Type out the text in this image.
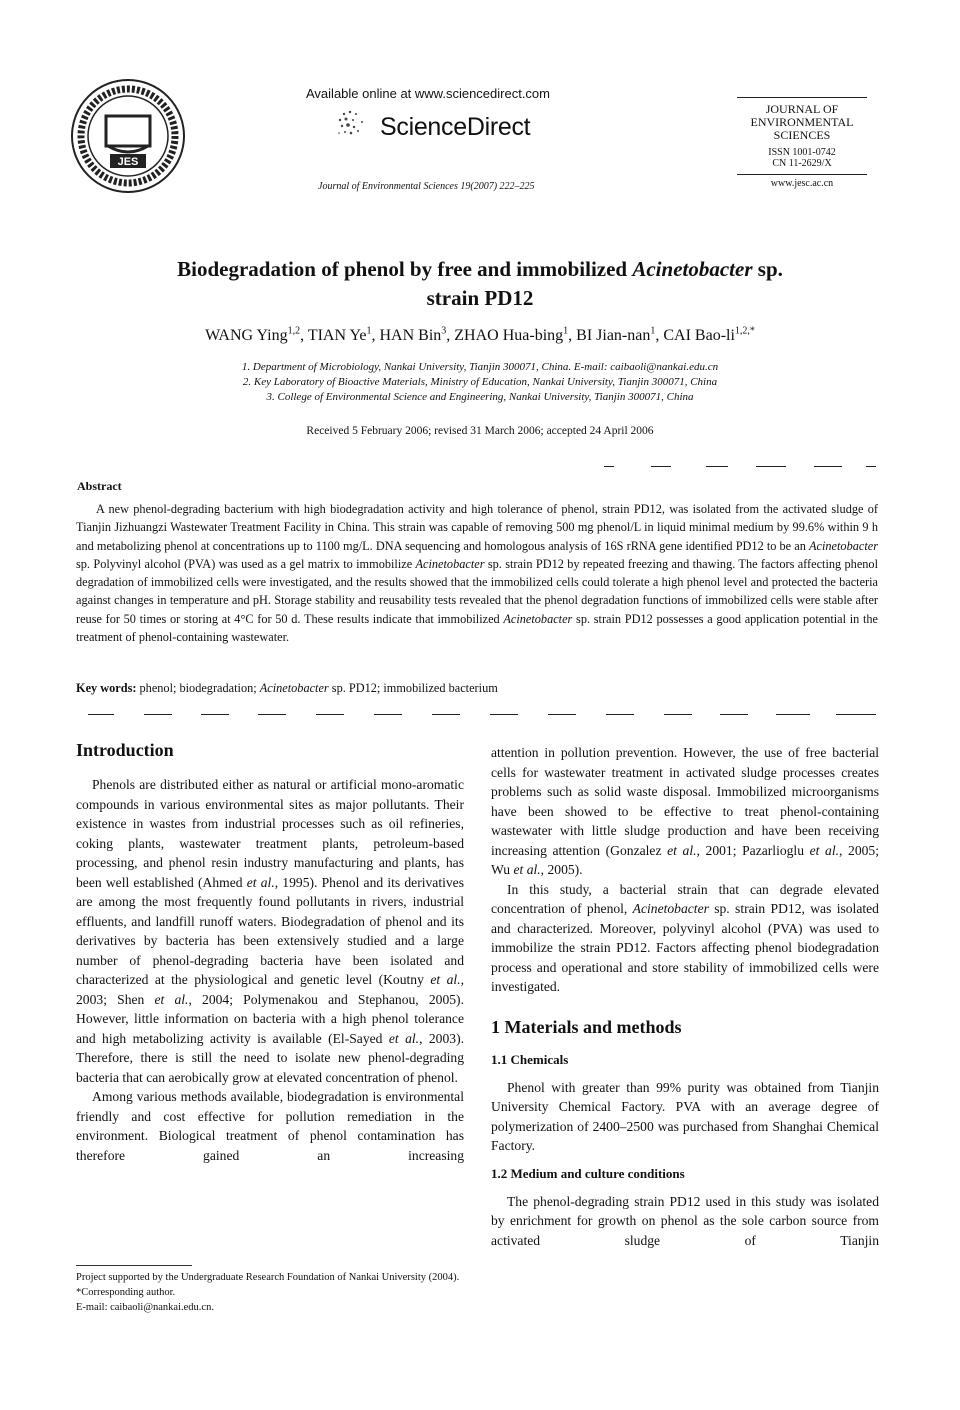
JES
Available online at www.sciencedirect.com
ScienceDirect
Journal of Environmental Sciences 19(2007) 222–225
JOURNAL OF
ENVIRONMENTAL
SCIENCES
ISSN 1001-0742
CN 11-2629/X
www.jesc.ac.cn
Biodegradation of phenol by free and immobilized Acinetobacter sp.
strain PD12
WANG Ying$^{1,2}$, TIAN Ye$^1$, HAN Bin$^3$, ZHAO Hua-bing$^1$, BI Jian-nan$^1$, CAI Bao-$li^{1,2,*}$
1. Department of Microbiology, Nankai University, Tianjin 300071, China. E-mail: caibaoli@nankai.edu.cn
2. Key Laboratory of Bioactive Materials, Ministry of Education, Nankai University, Tianjin 300071, China
3. College of Environmental Science and Engineering, Nankai University, Tianjin 300071, China
Received 5 February 2006; revised 31 March 2006; accepted 24 April 2006
Abstract

A new phenol-degrading bacterium with high biodegradation activity and high tolerance of phenol, strain PD12, was isolated from the activated sludge of Tianjin Jizhuangzi Wastewater Treatment Facility in China. This strain was capable of removing 500 mg phenol/L in liquid minimal medium by 99.6% within 9 h and metabolizing phenol at concentrations up to 1100 mg/L. DNA sequencing and homologous analysis of 16S rRNA gene identified PD12 to be an Acinetobacter sp. Polyvinyl alcohol (PVA) was used as a gel matrix to immobilize Acinetobacter sp. strain PD12 by repeated freezing and thawing. The factors affecting phenol degradation of immobilized cells were investigated, and the results showed that the immobilized cells could tolerate a high phenol level and protected the bacteria against changes in temperature and pH. Storage stability and reusability tests revealed that the phenol degradation functions of immobilized cells were stable after reuse for 50 times or storing at 4°C for 50 d. These results indicate that immobilized Acinetobacter sp. strain PD12 possesses a good application potential in the treatment of phenol-containing wastewater.

Key words: phenol; biodegradation; Acinetobacter sp. PD12; immobilized bacterium
Introduction

Phenols are distributed either as natural or artificial mono-aromatic compounds in various environmental sites as major pollutants. Their existence in wastes from industrial processes such as oil refineries, coking plants, wastewater treatment plants, petroleum-based processing, and phenol resin industry manufacturing and plants, has been well established (Ahmed et al., 1995). Phenol and its derivatives are among the most frequently found pollutants in rivers, industrial effluents, and landfill runoff waters. Biodegradation of phenol and its derivatives by bacteria has been extensively studied and a large number of phenol-degrading bacteria have been isolated and characterized at the physiological and genetic level (Koutny et al., 2003; Shen et al., 2004; Polymenakou and Stephanou, 2005). However, little information on bacteria with a high phenol tolerance and high metabolizing activity is available (El-Sayed et al., 2003). Therefore, there is still the need to isolate new phenol-degrading bacteria that can aerobically grow at elevated concentration of phenol.

Among various methods available, biodegradation is environmental friendly and cost effective for pollution remediation in the environment. Biological treatment of phenol contamination has therefore gained an increasing

attention in pollution prevention. However, the use of free bacterial cells for wastewater treatment in activated sludge processes creates problems such as solid waste disposal. Immobilized microorganisms have been showed to be effective to treat phenol-containing wastewater with little sludge production and have been receiving increasing attention (Gonzalez et al., 2001; Pazarlioglu et al., 2005; Wu et al., 2005).

In this study, a bacterial strain that can degrade elevated concentration of phenol, Acinetobacter sp. strain PD12, was isolated and characterized. Moreover, polyvinyl alcohol (PVA) was used to immobilize the strain PD12. Factors affecting phenol biodegradation process and operational and store stability of immobilized cells were investigated.

1 Materials and methods
1.1 Chemicals

Phenol with greater than 99% purity was obtained from Tianjin University Chemical Factory. PVA with an average degree of polymerization of 2400–2500 was purchased from Shanghai Chemical Factory.

1.2 Medium and culture conditions

The phenol-degrading strain PD12 used in this study was isolated by enrichment for growth on phenol as the sole carbon source from activated sludge of Tianjin

Project supported by the Undergraduate Research Foundation of Nankai University (2004). *Corresponding author.
E-mail: caibaoli@nankai.edu.cn.
